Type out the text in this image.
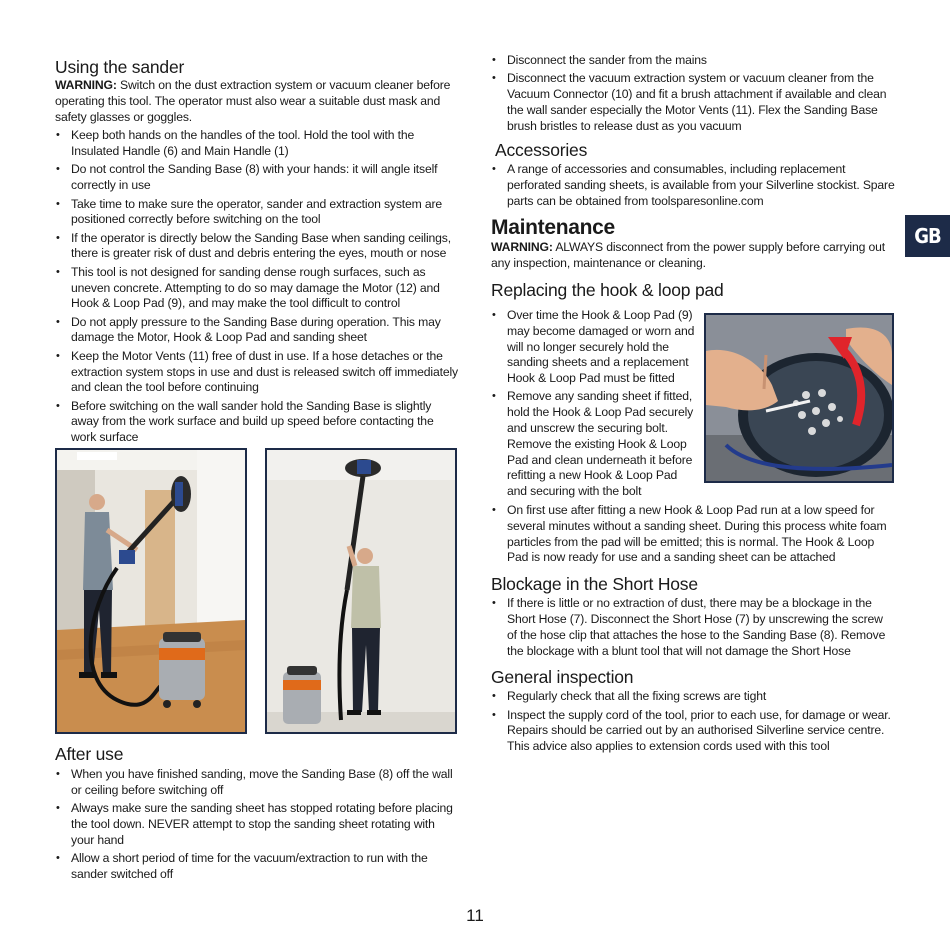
Using the sander

WARNING: Switch on the dust extraction system or vacuum cleaner before operating this tool. The operator must also wear a suitable dust mask and safety glasses or goggles.

• Keep both hands on the handles of the tool. Hold the tool with the Insulated Handle (6) and Main Handle (1)
• Do not control the Sanding Base (8) with your hands: it will angle itself correctly in use
• Take time to make sure the operator, sander and extraction system are positioned correctly before switching on the tool
• If the operator is directly below the Sanding Base when sanding ceilings, there is greater risk of dust and debris entering the eyes, mouth or nose
• This tool is not designed for sanding dense rough surfaces, such as uneven concrete. Attempting to do so may damage the Motor (12) and Hook & Loop Pad (9), and may make the tool difficult to control
• Do not apply pressure to the Sanding Base during operation. This may damage the Motor, Hook & Loop Pad and sanding sheet
• Keep the Motor Vents (11) free of dust in use. If a hose detaches or the extraction system stops in use and dust is released switch off immediately and clean the tool before continuing
• Before switching on the wall sander hold the Sanding Base is slightly away from the work surface and build up speed before contacting the work surface
After use
• When you have finished sanding, move the Sanding Base (8) off the wall or ceiling before switching off
• Always make sure the sanding sheet has stopped rotating before placing the tool down. NEVER attempt to stop the sanding sheet rotating with your hand
• Allow a short period of time for the vacuum/extraction to run with the sander switched off
• Disconnect the sander from the mains
• Disconnect the vacuum extraction system or vacuum cleaner from the Vacuum Connector (10) and fit a brush attachment if available and clean the wall sander especially the Motor Vents (11). Flex the Sanding Base brush bristles to release dust as you vacuum
Accessories
• A range of accessories and consumables, including replacement perforated sanding sheets, is available from your Silverline stockist. Spare parts can be obtained from toolsparesonline.com
Maintenance

WARNING: ALWAYS disconnect from the power supply before carrying out any inspection, maintenance or cleaning.

Replacing the hook & loop pad
• Over time the Hook & Loop Pad (9) may become damaged or worn and will no longer securely hold the sanding sheets and a replacement Hook & Loop Pad must be fitted
• Remove any sanding sheet if fitted, hold the Hook & Loop Pad securely and unscrew the securing bolt. Remove the existing Hook & Loop Pad and clean underneath it before refitting a new Hook & Loop Pad and securing with the bolt
• On first use after fitting a new Hook & Loop Pad run at a low speed for several minutes without a sanding sheet. During this process white foam particles from the pad will be emitted; this is normal. The Hook & Loop Pad is now ready for use and a sanding sheet can be attached
Blockage in the Short Hose
• If there is little or no extraction of dust, there may be a blockage in the Short Hose (7). Disconnect the Short Hose (7) by unscrewing the screw of the hose clip that attaches the hose to the Sanding Base (8). Remove the blockage with a blunt tool that will not damage the Short Hose
General inspection
• Regularly check that all the fixing screws are tight
• Inspect the supply cord of the tool, prior to each use, for damage or wear. Repairs should be carried out by an authorised Silverline service centre. This advice also applies to extension cords used with this tool
GB
11
